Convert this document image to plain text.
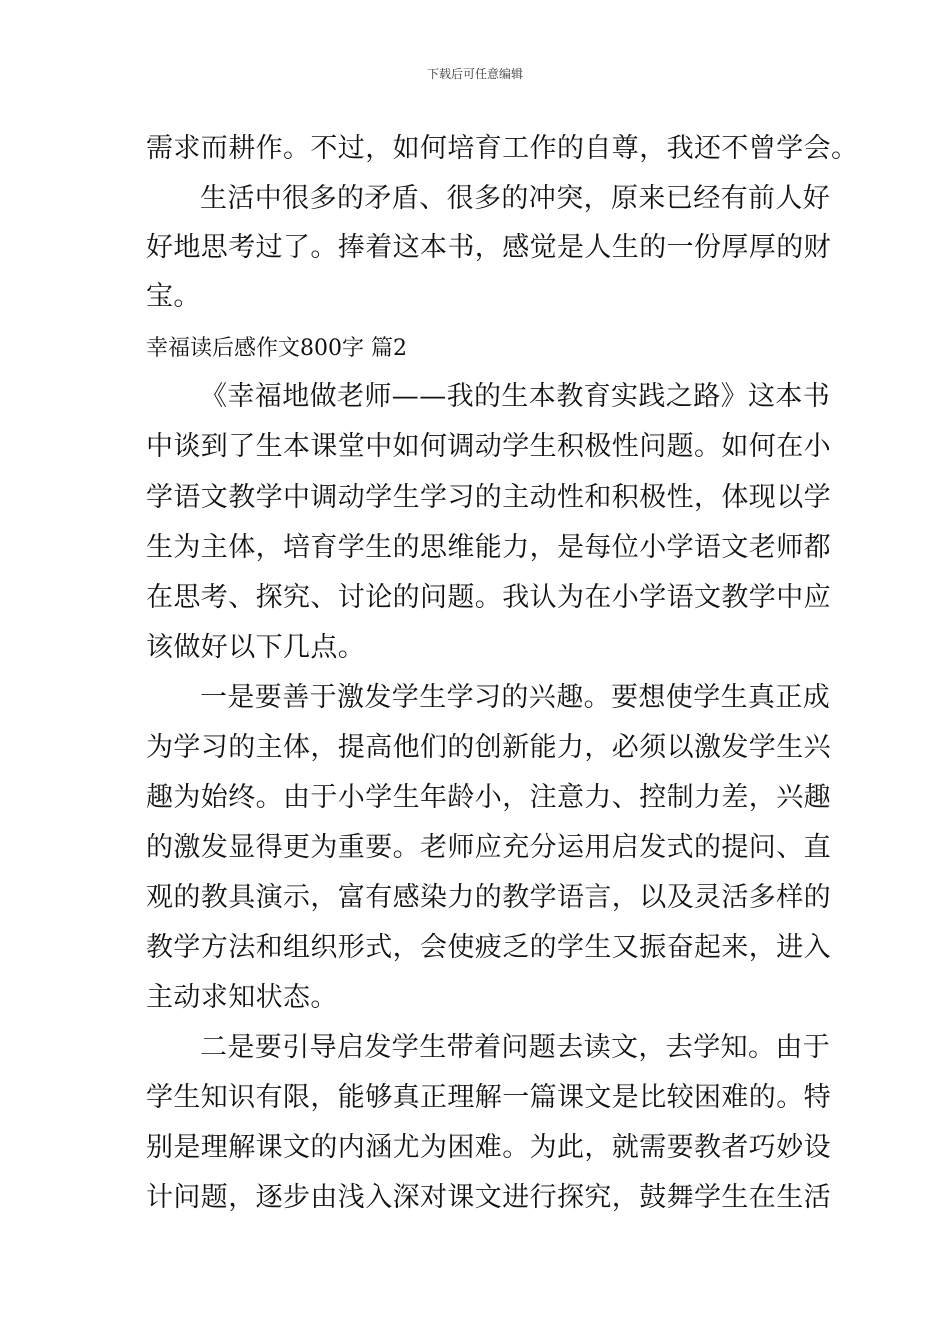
下载后可任意编辑
需求而耕作。不过，如何培育工作的自尊，我还不曾学会。
生活中很多的矛盾、很多的冲突，原来已经有前人好
好地思考过了。捧着这本书，感觉是人生的一份厚厚的财
宝。
幸福读后感作文800字 篇2
《幸福地做老师——我的生本教育实践之路》这本书
中谈到了生本课堂中如何调动学生积极性问题。如何在小
学语文教学中调动学生学习的主动性和积极性，体现以学
生为主体，培育学生的思维能力，是每位小学语文老师都
在思考、探究、讨论的问题。我认为在小学语文教学中应
该做好以下几点。
一是要善于激发学生学习的兴趣。要想使学生真正成
为学习的主体，提高他们的创新能力，必须以激发学生兴
趣为始终。由于小学生年龄小，注意力、控制力差，兴趣
的激发显得更为重要。老师应充分运用启发式的提问、直
观的教具演示，富有感染力的教学语言，以及灵活多样的
教学方法和组织形式，会使疲乏的学生又振奋起来，进入
主动求知状态。
二是要引导启发学生带着问题去读文，去学知。由于
学生知识有限，能够真正理解一篇课文是比较困难的。特
别是理解课文的内涵尤为困难。为此，就需要教者巧妙设
计问题，逐步由浅入深对课文进行探究，鼓舞学生在生活
